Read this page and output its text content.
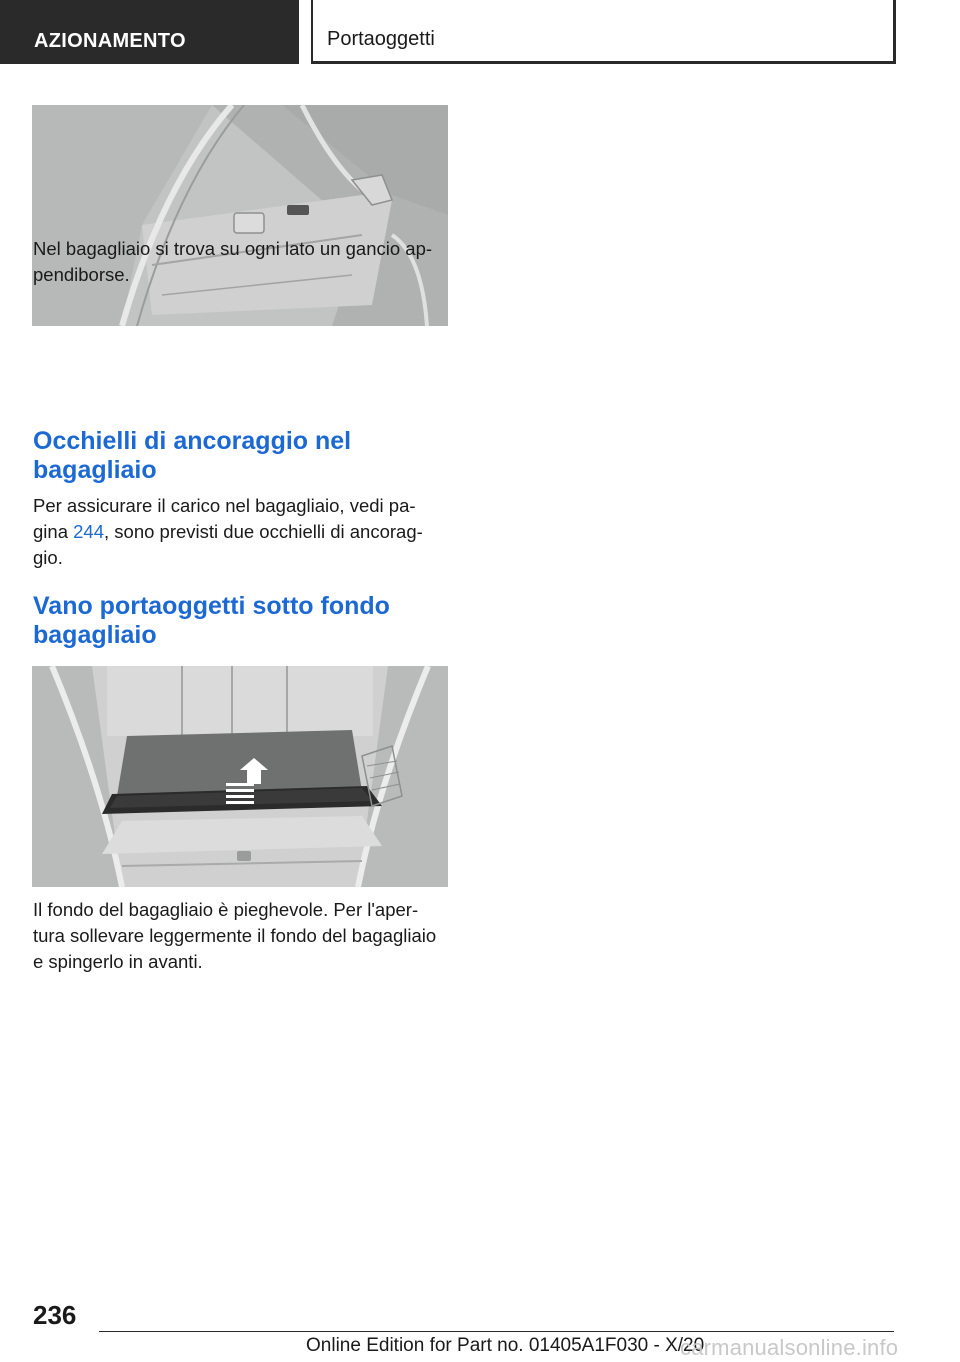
AZIONAMENTO	Portaoggetti

Nel bagagliaio si trova su ogni lato un gancio ap-pendiborse.

Occhielli di ancoraggio nel bagagliaio

Per assicurare il carico nel bagagliaio, vedi pa-gina 244, sono previsti due occhielli di ancorag-gio.

Vano portaoggetti sotto fondo bagagliaio

Il fondo del bagagliaio è pieghevole. Per l'aper-tura sollevare leggermente il fondo del bagagliaio e spingerlo in avanti.

236
Online Edition for Part no. 01405A1F030 - X/20
carmanualsonline.info
